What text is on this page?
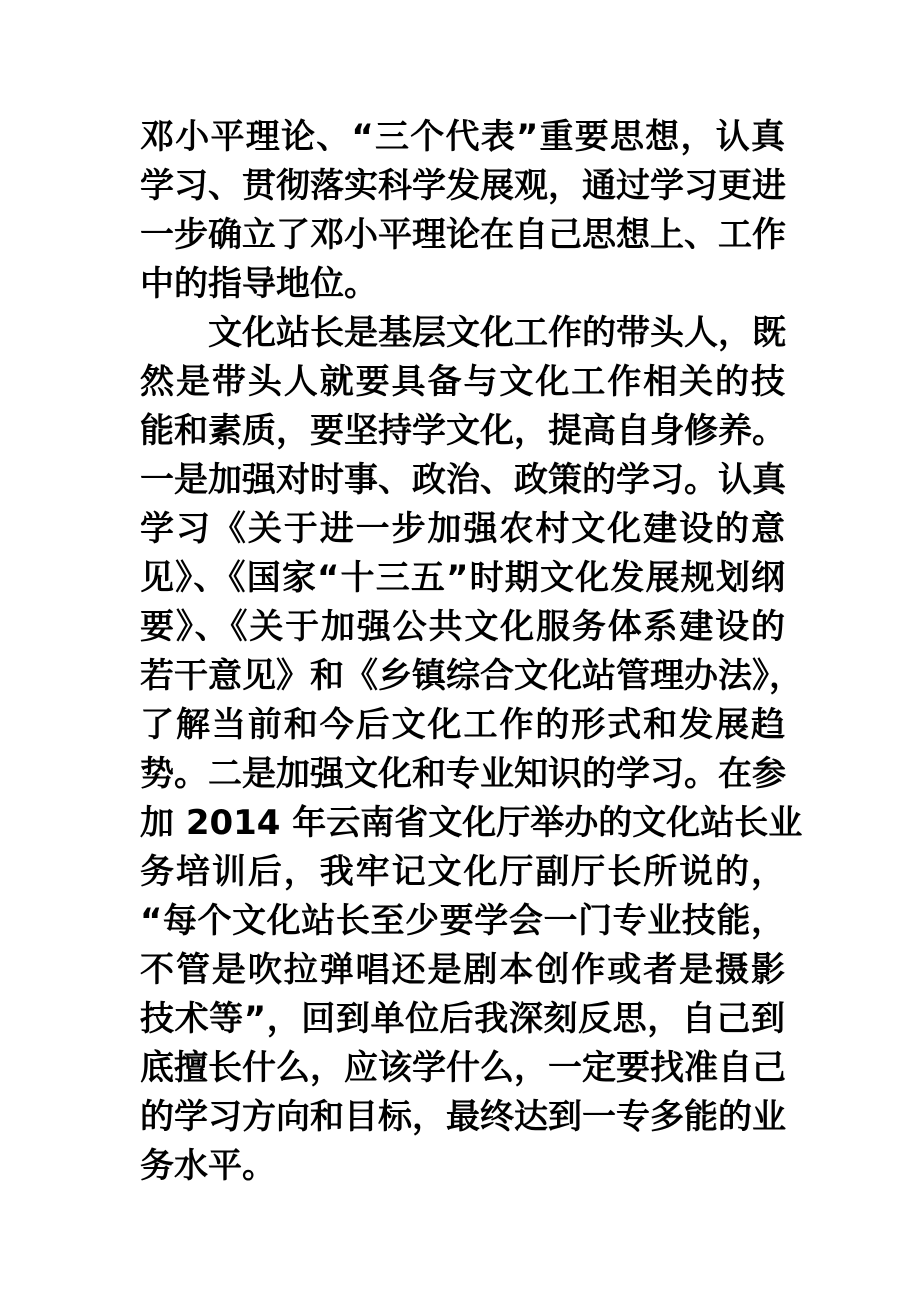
邓小平理论、“三个代表”重要思想，认真
学习、贯彻落实科学发展观，通过学习更进
一步确立了邓小平理论在自己思想上、工作
中的指导地位。
文化站长是基层文化工作的带头人，既
然是带头人就要具备与文化工作相关的技
能和素质，要坚持学文化，提高自身修养。
一是加强对时事、政治、政策的学习。认真
学习《关于进一步加强农村文化建设的意
见》、《国家“十三五”时期文化发展规划纲
要》、《关于加强公共文化服务体系建设的
若干意见》和《乡镇综合文化站管理办法》，
了解当前和今后文化工作的形式和发展趋
势。二是加强文化和专业知识的学习。在参
加 2014 年云南省文化厅举办的文化站长业
务培训后，我牢记文化厅副厅长所说的，
“每个文化站长至少要学会一门专业技能，
不管是吹拉弹唱还是剧本创作或者是摄影
技术等”，回到单位后我深刻反思，自己到
底擅长什么，应该学什么，一定要找准自己
的学习方向和目标，最终达到一专多能的业
务水平。
